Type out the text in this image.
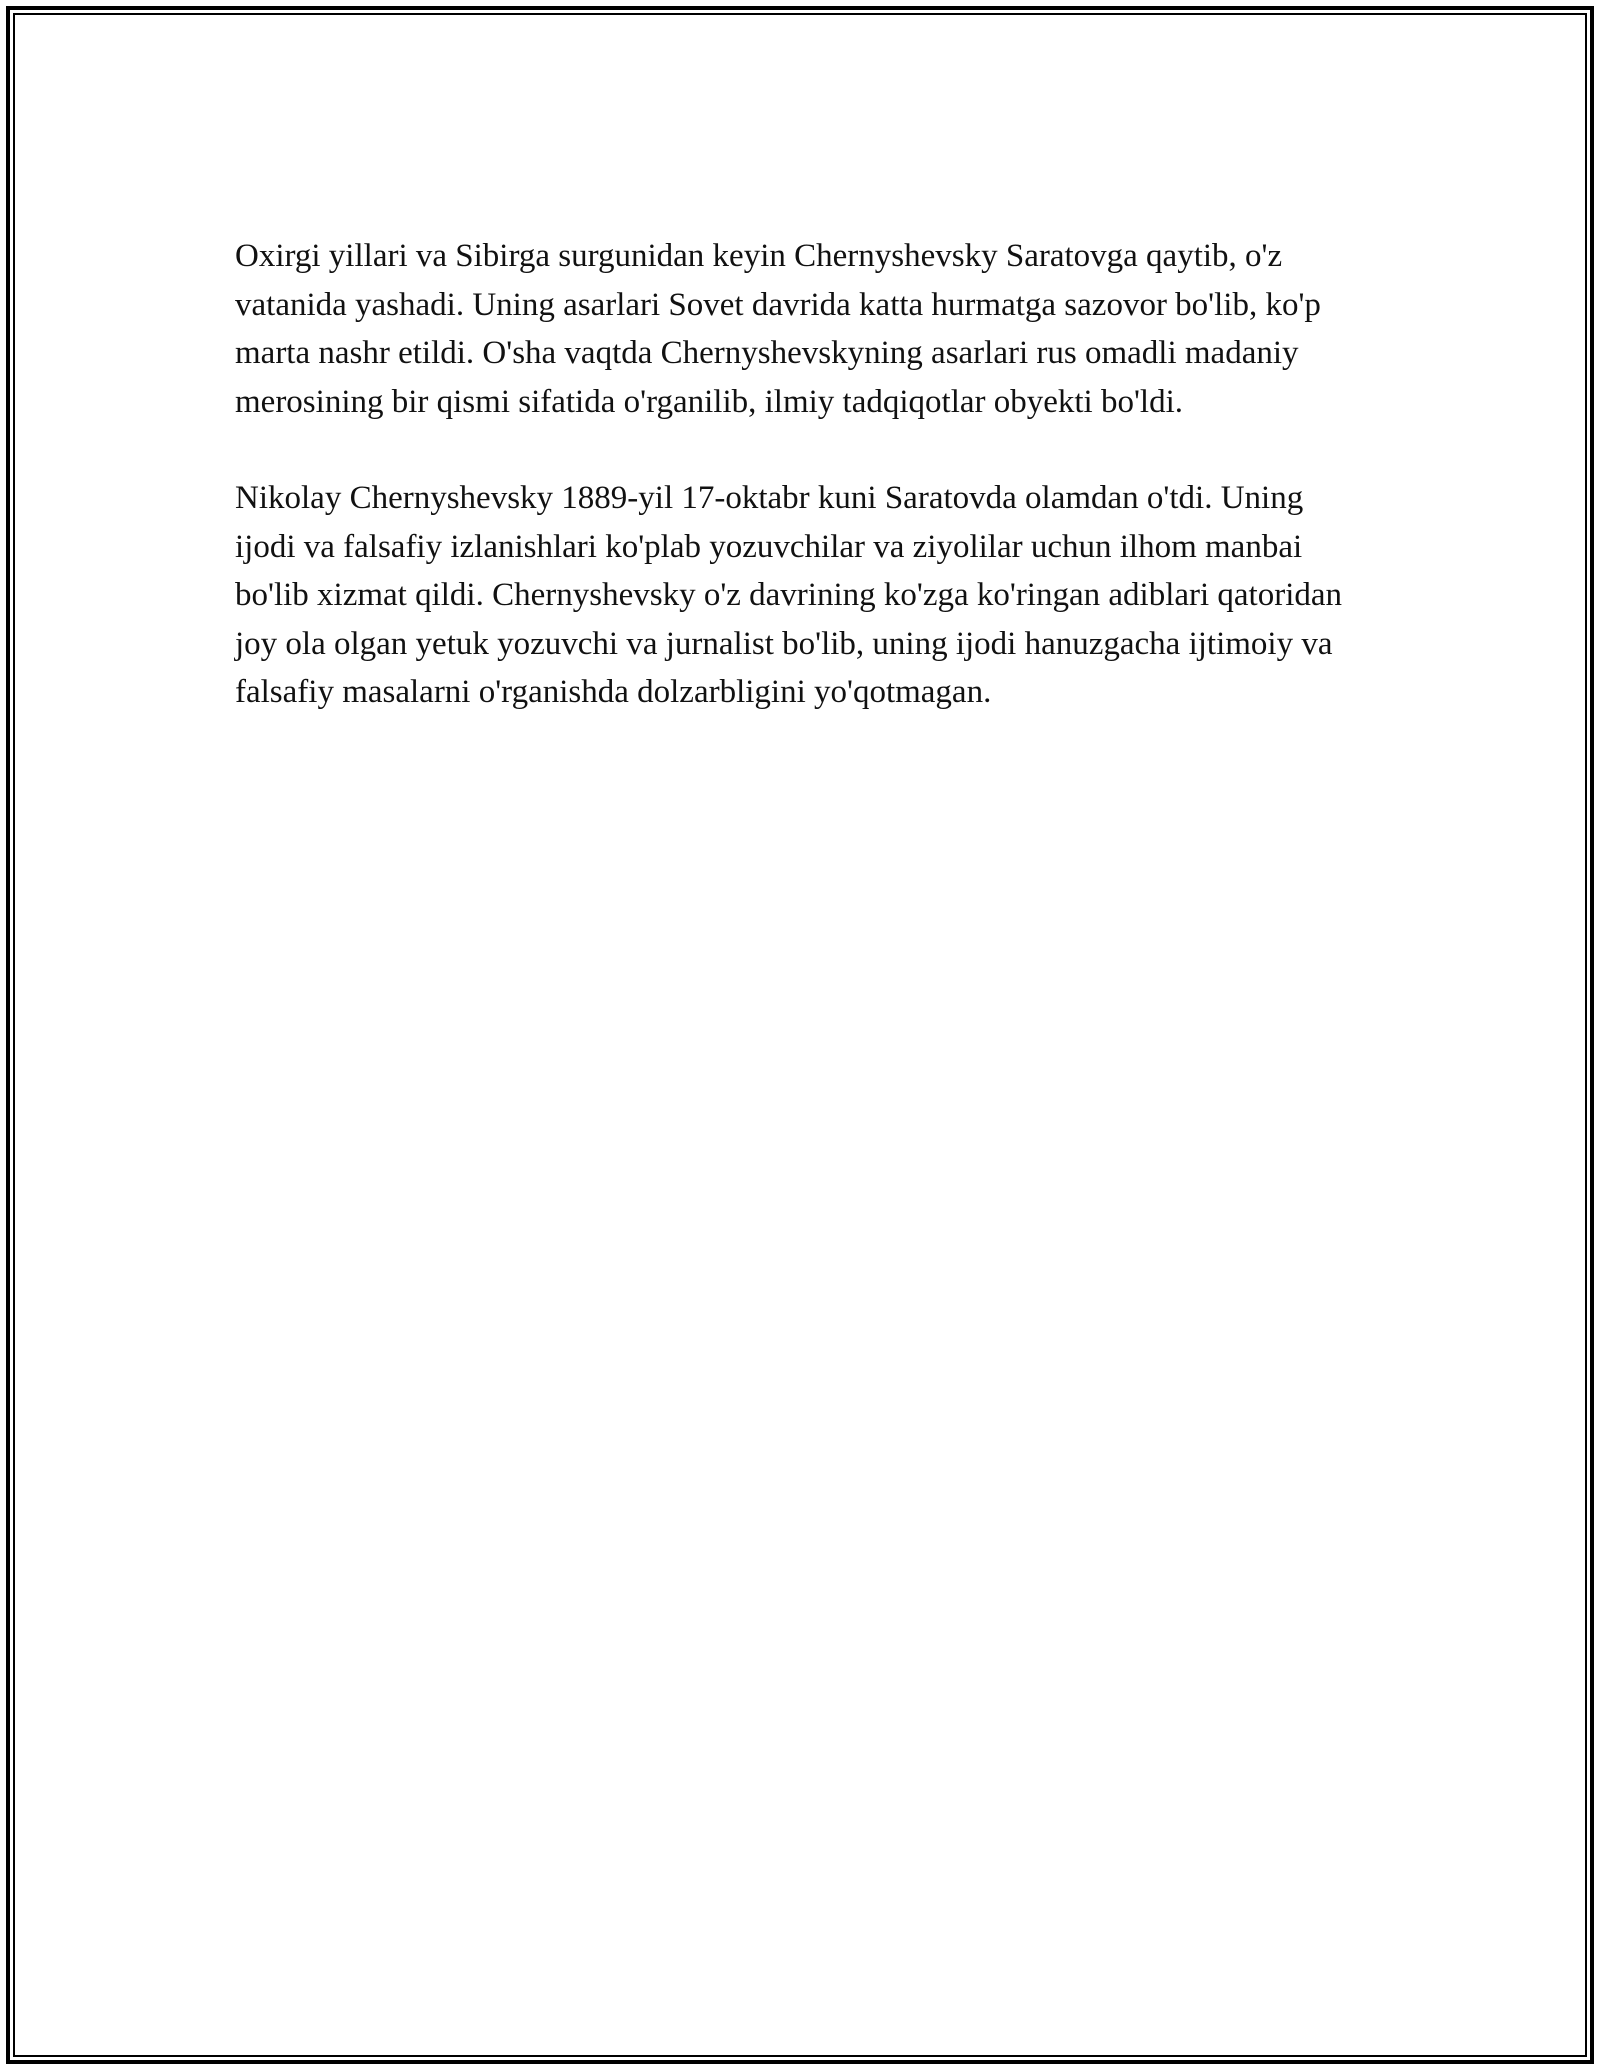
Oxirgi yillari va Sibirga surgunidan keyin Chernyshevsky Saratovga qaytib, o'z vatanida yashadi. Uning asarlari Sovet davrida katta hurmatga sazovor bo'lib, ko'p marta nashr etildi. O'sha vaqtda Chernyshevskyning asarlari rus omadli madaniy merosining bir qismi sifatida o'rganilib, ilmiy tadqiqotlar obyekti bo'ldi.

Nikolay Chernyshevsky 1889-yil 17-oktabr kuni Saratovda olamdan o'tdi. Uning ijodi va falsafiy izlanishlari ko'plab yozuvchilar va ziyolilar uchun ilhom manbai bo'lib xizmat qildi. Chernyshevsky o'z davrining ko'zga ko'ringan adiblari qatoridan joy ola olgan yetuk yozuvchi va jurnalist bo'lib, uning ijodi hanuzgacha ijtimoiy va falsafiy masalarni o'rganishda dolzarbligini yo'qotmagan.
